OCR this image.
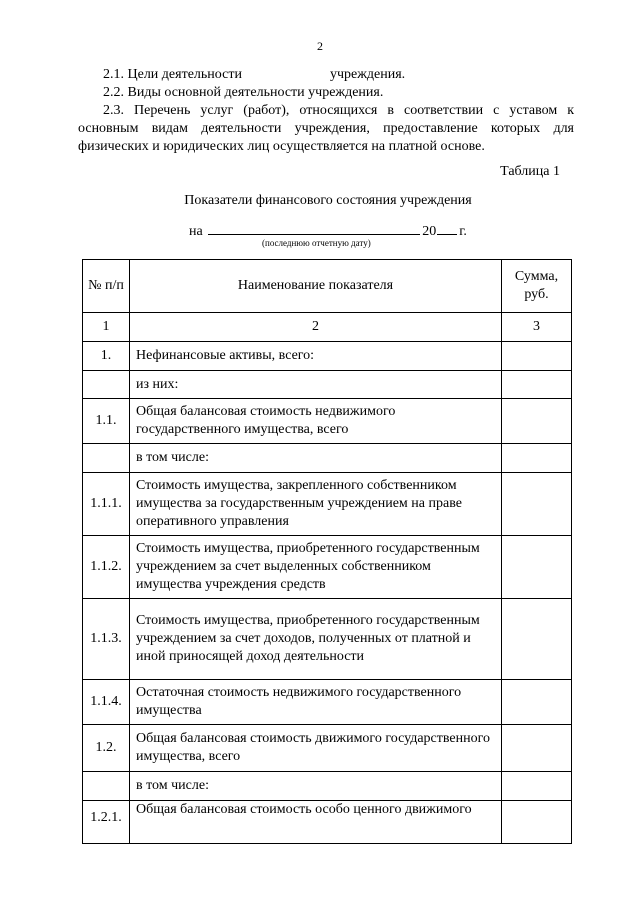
2
2.1. Цели деятельности	учреждения.
2.2. Виды основной деятельности учреждения.
2.3. Перечень услуг (работ), относящихся в соответствии с уставом к основным видам деятельности учреждения, предоставление которых для физических и юридических лиц осуществляется на платной основе.
Таблица 1
Показатели финансового состояния учреждения
на	20 г.
(последнюю отчетную дату)
№ п/п	Наименование показателя	Сумма, руб.
1	2	3
1.	Нефинансовые активы, всего:	
	из них:	
1.1.	Общая балансовая стоимость недвижимого государственного имущества, всего	
	в том числе:	
1.1.1.	Стоимость имущества, закрепленного собственником имущества за государственным учреждением на праве оперативного управления	
1.1.2.	Стоимость имущества, приобретенного государственным учреждением за счет выделенных собственником имущества учреждения средств	
1.1.3.	Стоимость имущества, приобретенного государственным учреждением за счет доходов, полученных от платной и иной приносящей доход деятельности	
1.1.4.	Остаточная стоимость недвижимого государственного имущества	
1.2.	Общая балансовая стоимость движимого государственного имущества, всего	
	в том числе:	
1.2.1.	Общая балансовая стоимость особо ценного движимого	
